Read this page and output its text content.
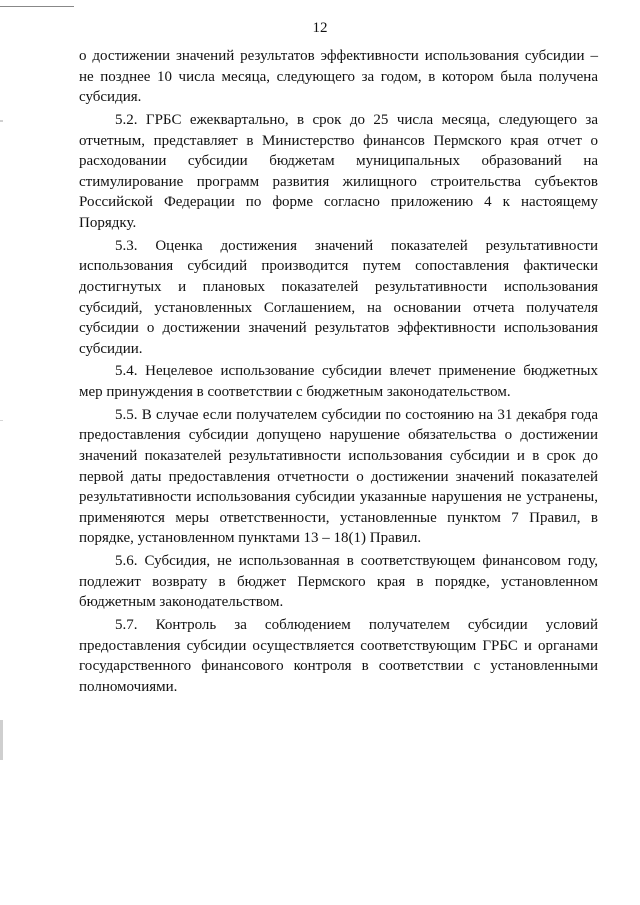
12

о достижении значений результатов эффективности использования субсидии – не позднее 10 числа месяца, следующего за годом, в котором была получена субсидия.

5.2. ГРБС ежеквартально, в срок до 25 числа месяца, следующего за отчетным, представляет в Министерство финансов Пермского края отчет о расходовании субсидии бюджетам муниципальных образований на стимулирование программ развития жилищного строительства субъектов Российской Федерации по форме согласно приложению 4 к настоящему Порядку.

5.3. Оценка достижения значений показателей результативности использования субсидий производится путем сопоставления фактически достигнутых и плановых показателей результативности использования субсидий, установленных Соглашением, на основании отчета получателя субсидии о достижении значений результатов эффективности использования субсидии.

5.4. Нецелевое использование субсидии влечет применение бюджетных мер принуждения в соответствии с бюджетным законодательством.

5.5. В случае если получателем субсидии по состоянию на 31 декабря года предоставления субсидии допущено нарушение обязательства о достижении значений показателей результативности использования субсидии и в срок до первой даты предоставления отчетности о достижении значений показателей результативности использования субсидии указанные нарушения не устранены, применяются меры ответственности, установленные пунктом 7 Правил, в порядке, установленном пунктами 13 – 18(1) Правил.

5.6. Субсидия, не использованная в соответствующем финансовом году, подлежит возврату в бюджет Пермского края в порядке, установленном бюджетным законодательством.

5.7. Контроль за соблюдением получателем субсидии условий предоставления субсидии осуществляется соответствующим ГРБС и органами государственного финансового контроля в соответствии с установленными полномочиями.
